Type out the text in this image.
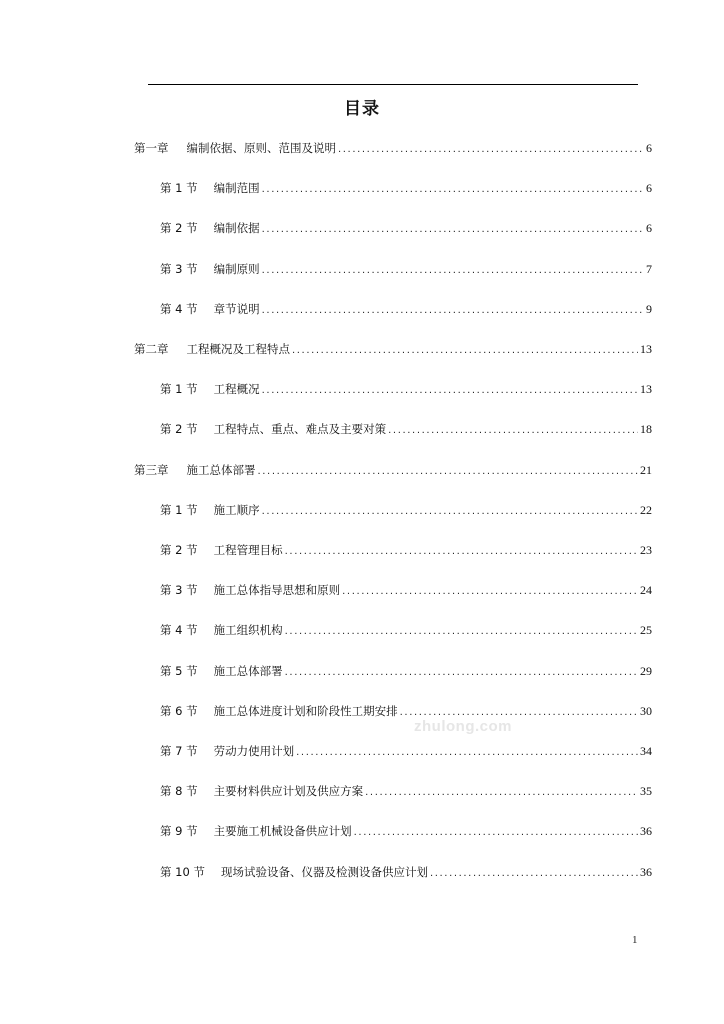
目录
第一章 编制依据、原则、范围及说明 .....	6
第 1 节 编制范围 .....	6
第 2 节 编制依据 .....	6
第 3 节 编制原则 .....	7
第 4 节 章节说明 .....	9
第二章 工程概况及工程特点 .....	13
第 1 节 工程概况 .....	13
第 2 节 工程特点、重点、难点及主要对策 .....	18
第三章 施工总体部署 .....	21
第 1 节 施工顺序 .....	22
第 2 节 工程管理目标 .....	23
第 3 节 施工总体指导思想和原则 .....	24
第 4 节 施工组织机构 .....	25
第 5 节 施工总体部署 .....	29
第 6 节 施工总体进度计划和阶段性工期安排 .....	30
第 7 节 劳动力使用计划 .....	34
第 8 节 主要材料供应计划及供应方案 .....	35
第 9 节 主要施工机械设备供应计划 .....	36
第 10 节 现场试验设备、仪器及检测设备供应计划 .....	36
zhulong.com
1
